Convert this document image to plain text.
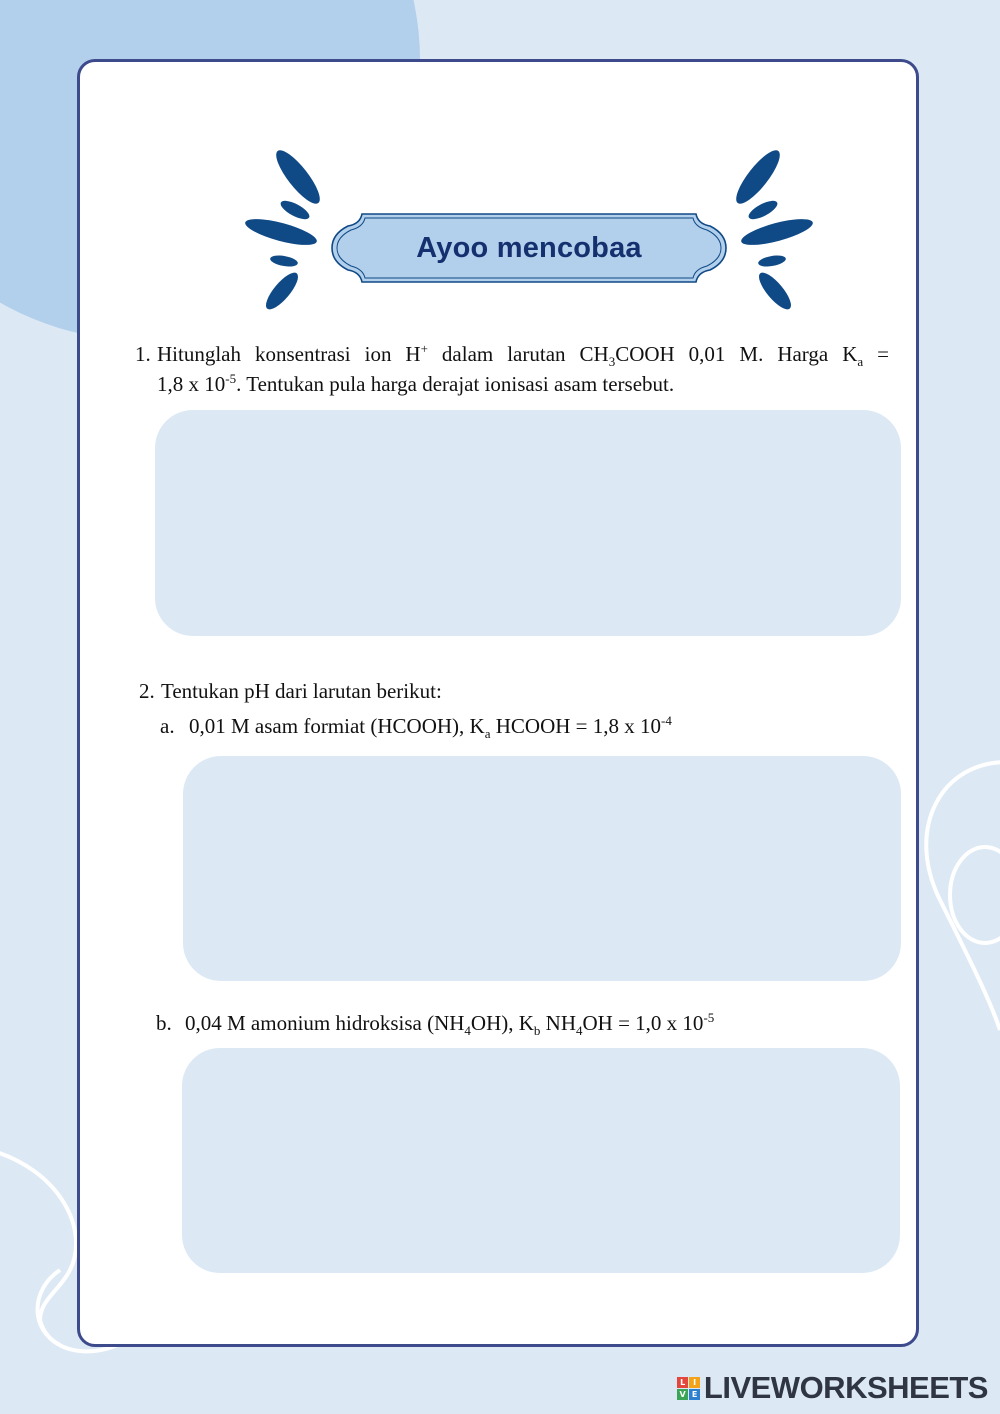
Ayoo mencobaa
1. Hitunglah konsentrasi ion H+ dalam larutan $CH_3COOH$ 0,01 M. Harga $K_a$ =
1,8 x $10^{-5}$. Tentukan pula harga derajat ionisasi asam tersebut.
2. Tentukan pH dari larutan berikut:
a. 0,01 M asam formiat (HCOOH), $K_a$ HCOOH = 1,8 x $10^{-4}$
b. 0,04 M amonium hidroksisa $(NH_4OH)$, $K_b$ $NH_4OH = 1,0$ x $10^{-5}$
L	I
V E LIVEWORKSHEETS
